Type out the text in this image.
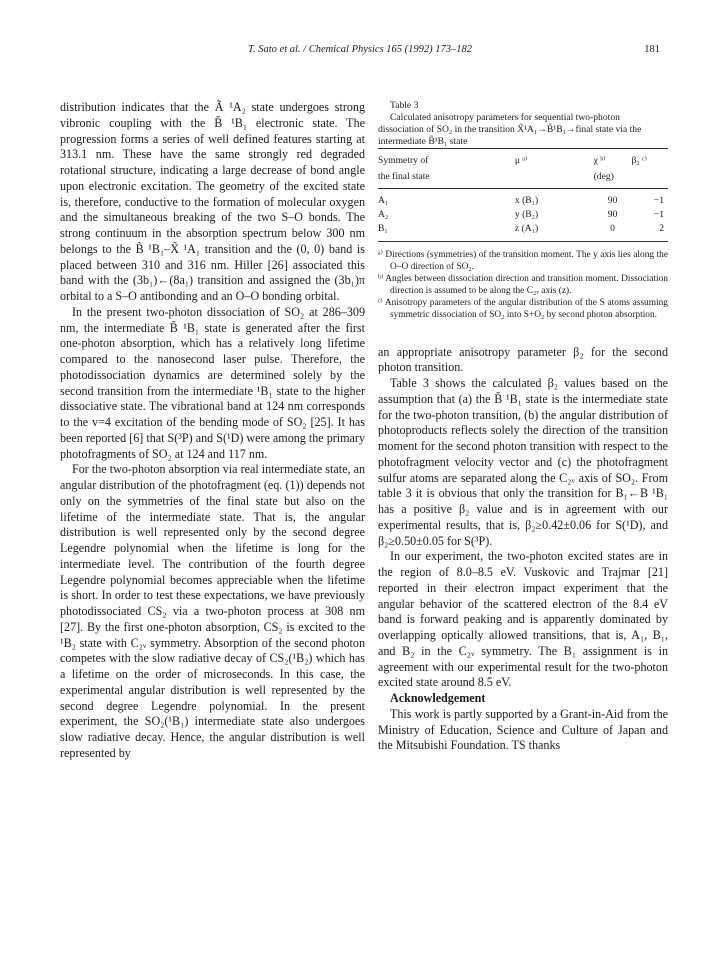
T. Sato et al. / Chemical Physics 165 (1992) 173–182	181

distribution indicates that the Ã ¹A₂ state undergoes strong vibronic coupling with the B̃ ¹B₁ electronic state. The progression forms a series of well defined features starting at 313.1 nm. These have the same strongly red degraded rotational structure, indicating a large decrease of bond angle upon electronic excitation. The geometry of the excited state is, therefore, conductive to the formation of molecular oxygen and the simultaneous breaking of the two S–O bonds. The strong continuum in the absorption spectrum below 300 nm belongs to the B̃ ¹B₁–X̃ ¹A₁ transition and the (0, 0) band is placed between 310 and 316 nm. Hiller [26] associated this band with the (3b₁)←(8a₁) transition and assigned the (3b₁)π orbital to a S–O antibonding and an O–O bonding orbital.

In the present two-photon dissociation of SO₂ at 286–309 nm, the intermediate B̃ ¹B₁ state is generated after the first one-photon absorption, which has a relatively long lifetime compared to the nanosecond laser pulse. Therefore, the photodissociation dynamics are determined solely by the second transition from the intermediate ¹B₁ state to the higher dissociative state. The vibrational band at 124 nm corresponds to the v=4 excitation of the bending mode of SO₂ [25]. It has been reported [6] that S(³P) and S(¹D) were among the primary photofragments of SO₂ at 124 and 117 nm.

For the two-photon absorption via real intermediate state, an angular distribution of the photofragment (eq. (1)) depends not only on the symmetries of the final state but also on the lifetime of the intermediate state. That is, the angular distribution is well represented only by the second degree Legendre polynomial when the lifetime is long for the intermediate level. The contribution of the fourth degree Legendre polynomial becomes appreciable when the lifetime is short. In order to test these expectations, we have previously photodissociated CS₂ via a two-photon process at 308 nm [27]. By the first one-photon absorption, CS₂ is excited to the ¹B₂ state with C₂ᵥ symmetry. Absorption of the second photon competes with the slow radiative decay of CS₂(¹B₂) which has a lifetime on the order of microseconds. In this case, the experimental angular distribution is well represented by the second degree Legendre polynomial. In the present experiment, the SO₂(¹B₁) intermediate state also undergoes slow radiative decay. Hence, the angular distribution is well represented by

Table 3

Calculated anisotropy parameters for sequential two-photon dissociation of SO₂ in the transition X̃¹A₁→B̃¹B₁→final state via the intermediate B̃¹B₁ state

Symmetry of	μ ᵃ⁾	χ ᵇ⁾	β₂ ᶜ⁾
the final state		(deg)	
A₁	x (B₁)	90	−1
A₂	y (B₂)	90	−1
B₁	z (A₁)	0	2
ᵃ⁾ Directions (symmetries) of the transition moment. The y axis lies along the O–O direction of SO₂.
ᵇ⁾ Angles between dissociation direction and transition moment. Dissociation direction is assumed to be along the C₂ᵥ axis (z).
ᶜ⁾ Anisotropy parameters of the angular distribution of the S atoms assuming symmetric dissociation of SO₂ into S+O₂ by second photon absorption.

an appropriate anisotropy parameter β₂ for the second photon transition.

Table 3 shows the calculated β₂ values based on the assumption that (a) the B̃ ¹B₁ state is the intermediate state for the two-photon transition, (b) the angular distribution of photoproducts reflects solely the direction of the transition moment for the second photon transition with respect to the photofragment velocity vector and (c) the photofragment sulfur atoms are separated along the C₂ᵥ axis of SO₂. From table 3 it is obvious that only the transition for B₁←B ¹B₁ has a positive β₂ value and is in agreement with our experimental results, that is, β₂≥0.42±0.06 for S(¹D), and β₂≥0.50±0.05 for S(³P).

In our experiment, the two-photon excited states are in the region of 8.0–8.5 eV. Vuskovic and Trajmar [21] reported in their electron impact experiment that the angular behavior of the scattered electron of the 8.4 eV band is forward peaking and is apparently dominated by overlapping optically allowed transitions, that is, A₁, B₁, and B₂ in the C₂ᵥ symmetry. The B₁ assignment is in agreement with our experimental result for the two-photon excited state around 8.5 eV.

Acknowledgement

This work is partly supported by a Grant-in-Aid from the Ministry of Education, Science and Culture of Japan and the Mitsubishi Foundation. TS thanks
